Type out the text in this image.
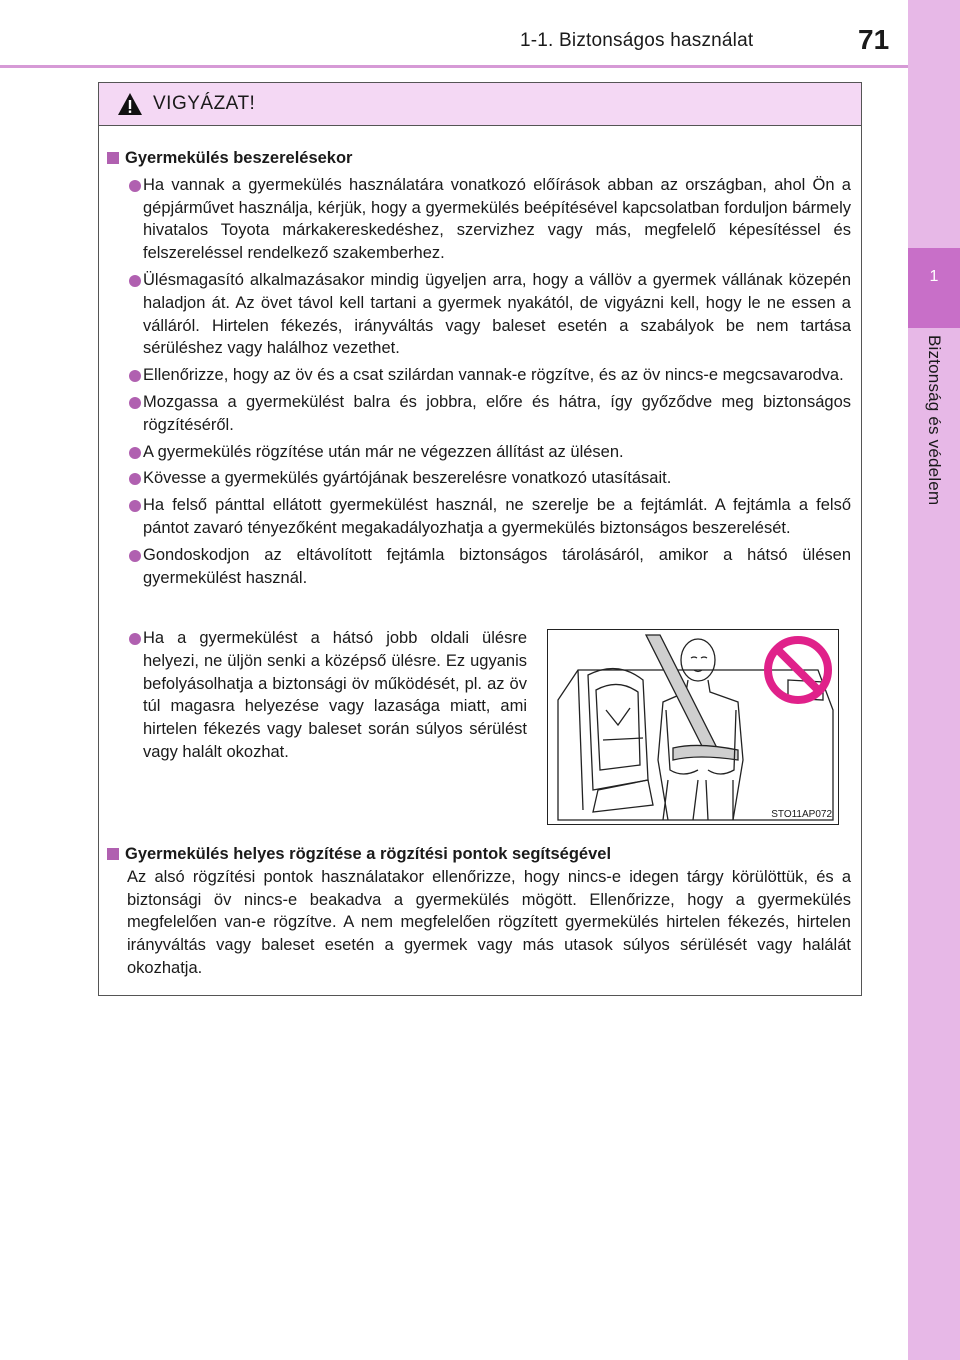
1-1. Biztonságos használat	71
1
Biztonság és védelem
VIGYÁZAT!
Gyermekülés beszerelésekor
Ha vannak a gyermekülés használatára vonatkozó előírások abban az országban, ahol Ön a gépjárművet használja, kérjük, hogy a gyermekülés beépítésével kapcsolatban forduljon bármely hivatalos Toyota márkakereskedéshez, szervizhez vagy más, megfelelő képesítéssel és felszereléssel rendelkező szakemberhez.
Ülésmagasító alkalmazásakor mindig ügyeljen arra, hogy a vállöv a gyermek vállának közepén haladjon át. Az övet távol kell tartani a gyermek nyakától, de vigyázni kell, hogy le ne essen a válláról. Hirtelen fékezés, irányváltás vagy baleset esetén a szabályok be nem tartása sérüléshez vagy halálhoz vezethet.
Ellenőrizze, hogy az öv és a csat szilárdan vannak-e rögzítve, és az öv nincs-e megcsavarodva.
Mozgassa a gyermekülést balra és jobbra, előre és hátra, így győződve meg biztonságos rögzítéséről.
A gyermekülés rögzítése után már ne végezzen állítást az ülésen.
Kövesse a gyermekülés gyártójának beszerelésre vonatkozó utasításait.
Ha felső pánttal ellátott gyermekülést használ, ne szerelje be a fejtámlát. A fejtámla a felső pántot zavaró tényezőként megakadályozhatja a gyermekülés biztonságos beszerelését.
Gondoskodjon az eltávolított fejtámla biztonságos tárolásáról, amikor a hátsó ülésen gyermekülést használ.
Ha a gyermekülést a hátsó jobb oldali ülésre helyezi, ne üljön senki a középső ülésre. Ez ugyanis befolyásolhatja a biztonsági öv működését, pl. az öv túl magasra helyezése vagy lazasága miatt, ami hirtelen fékezés vagy baleset során súlyos sérülést vagy halált okozhat.
STO11AP072
Gyermekülés helyes rögzítése a rögzítési pontok segítségével
Az alsó rögzítési pontok használatakor ellenőrizze, hogy nincs-e idegen tárgy körülöttük, és a biztonsági öv nincs-e beakadva a gyermekülés mögött. Ellenőrizze, hogy a gyermekülés megfelelően van-e rögzítve. A nem megfelelően rögzített gyermekülés hirtelen fékezés, hirtelen irányváltás vagy baleset esetén a gyermek vagy más utasok súlyos sérülését vagy halálát okozhatja.
